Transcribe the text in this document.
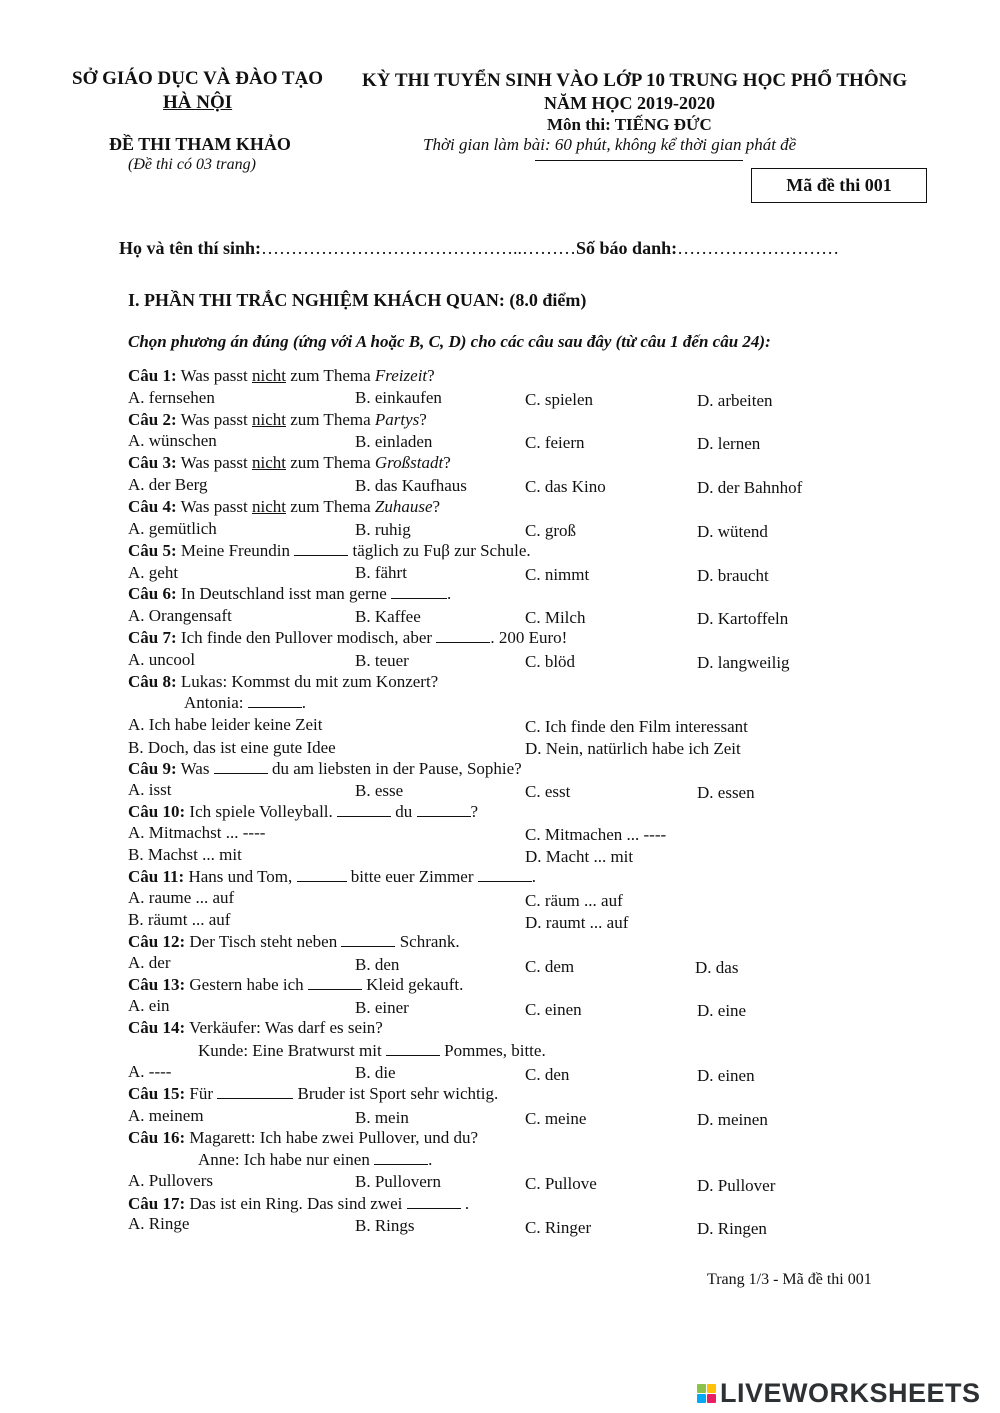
SỞ GIÁO DỤC VÀ ĐÀO TẠO
HÀ NỘI
KỲ THI TUYỂN SINH VÀO LỚP 10 TRUNG HỌC PHỔ THÔNG
NĂM HỌC 2019-2020
Môn thi: TIẾNG ĐỨC
ĐỀ THI THAM KHẢO
(Đề thi có 03 trang)
Thời gian làm bài: 60 phút, không kể thời gian phát đề
Mã đề thi 001
Họ và tên thí sinh:……………………………………..………Số báo danh:………………………
I. PHẦN THI TRẮC NGHIỆM KHÁCH QUAN: (8.0 điểm)
Chọn phương án đúng (ứng với A hoặc B, C, D) cho các câu sau đây (từ câu 1 đến câu 24):
Câu 1: Was passt nicht zum Thema Freizeit?
A. fernsehen	B. einkaufen	C. spielen	D. arbeiten
Câu 2: Was passt nicht zum Thema Partys?
A. wünschen	B. einladen	C. feiern	D. lernen
Câu 3: Was passt nicht zum Thema Großstadt?
A. der Berg	B. das Kaufhaus	C. das Kino	D. der Bahnhof
Câu 4: Was passt nicht zum Thema Zuhause?
A. gemütlich	B. ruhig	C. groß	D. wütend
Câu 5: Meine Freundin	täglich zu Fuβ zur Schule.
A. geht	B. fährt	C. nimmt	D. braucht
Câu 6: In Deutschland isst man gerne	.
A. Orangensaft	B. Kaffee	C. Milch	D. Kartoffeln
Câu 7: Ich finde den Pullover modisch, aber	. 200 Euro!
A. uncool	B. teuer	C. blöd	D. langweilig
Câu 8: Lukas: Kommst du mit zum Konzert?
Antonia:	.
A. Ich habe leider keine Zeit	C. Ich finde den Film interessant
B. Doch, das ist eine gute Idee	D. Nein, natürlich habe ich Zeit
Câu 9: Was	du am liebsten in der Pause, Sophie?
A. isst	B. esse	C. esst	D. essen
Câu 10: Ich spiele Volleyball.	du	?
A. Mitmachst ... ----	C. Mitmachen ... ----
B. Machst ... mit	D. Macht ... mit
Câu 11: Hans und Tom,	bitte euer Zimmer	.
A. raume ... auf	C. räum ... auf
B. räumt ... auf	D. raumt ... auf
Câu 12: Der Tisch steht neben	Schrank.
A. der	B. den	C. dem	D. das
Câu 13: Gestern habe ich	Kleid gekauft.
A. ein	B. einer	C. einen	D. eine
Câu 14: Verkäufer: Was darf es sein?
Kunde: Eine Bratwurst mit	Pommes, bitte.
A. ----	B. die	C. den	D. einen
Câu 15: Für	Bruder ist Sport sehr wichtig.
A. meinem	B. mein	C. meine	D. meinen
Câu 16: Magarett: Ich habe zwei Pullover, und du?
Anne: Ich habe nur einen	.
A. Pullovers	B. Pullovern	C. Pullove	D. Pullover
Câu 17: Das ist ein Ring. Das sind zwei	.
A. Ringe	B. Rings	C. Ringer	D. Ringen
Trang 1/3 - Mã đề thi 001
LIVEWORKSHEETS
